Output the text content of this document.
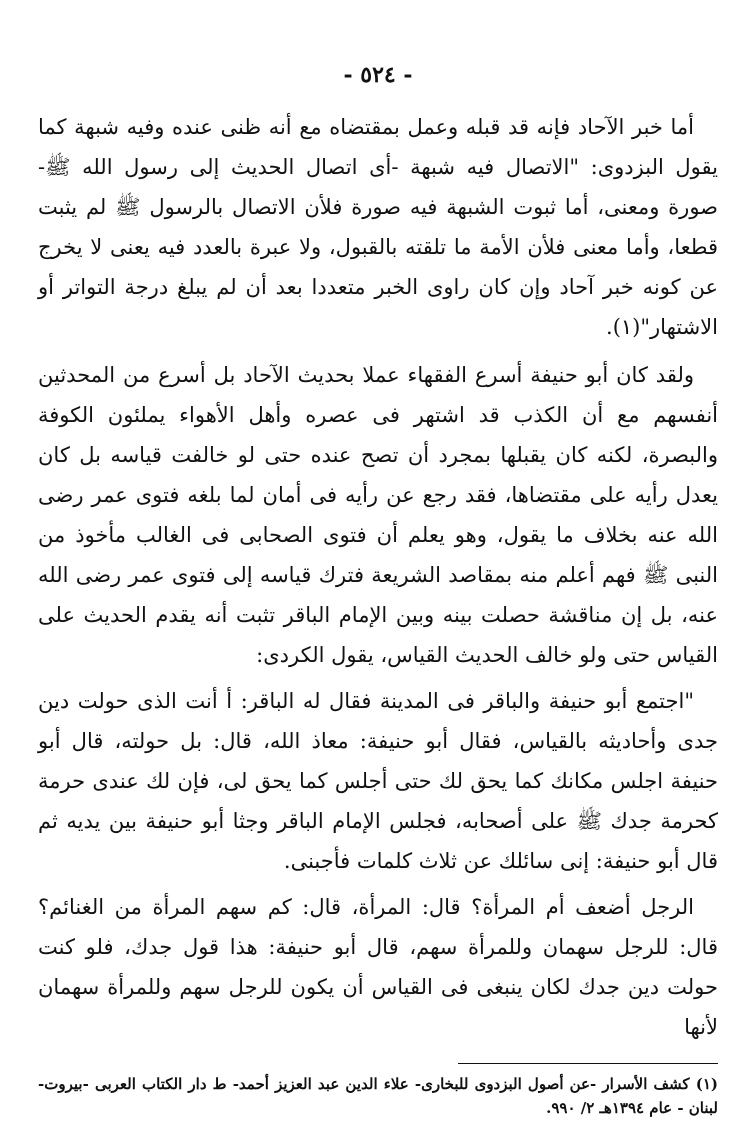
- ٥٢٤ -

أما خبر الآحاد فإنه قد قبله وعمل بمقتضاه مع أنه ظنى عنده وفيه شبهة كما يقول البزدوى: "الاتصال فيه شبهة -أى اتصال الحديث إلى رسول الله ﷺ- صورة ومعنى، أما ثبوت الشبهة فيه صورة فلأن الاتصال بالرسول ﷺ لم يثبت قطعا، وأما معنى فلأن الأمة ما تلقته بالقبول، ولا عبرة بالعدد فيه يعنى لا يخرج عن كونه خبر آحاد وإن كان راوى الخبر متعددا بعد أن لم يبلغ درجة التواتر أو الاشتهار"(١).

ولقد كان أبو حنيفة أسرع الفقهاء عملا بحديث الآحاد بل أسرع من المحدثين أنفسهم مع أن الكذب قد اشتهر فى عصره وأهل الأهواء يملئون الكوفة والبصرة، لكنه كان يقبلها بمجرد أن تصح عنده حتى لو خالفت قياسه بل كان يعدل رأيه على مقتضاها، فقد رجع عن رأيه فى أمان لما بلغه فتوى عمر رضى الله عنه بخلاف ما يقول، وهو يعلم أن فتوى الصحابى فى الغالب مأخوذ من النبى ﷺ فهم أعلم منه بمقاصد الشريعة فترك قياسه إلى فتوى عمر رضى الله عنه، بل إن مناقشة حصلت بينه وبين الإمام الباقر تثبت أنه يقدم الحديث على القياس حتى ولو خالف الحديث القياس، يقول الكردى:

"اجتمع أبو حنيفة والباقر فى المدينة فقال له الباقر: أ أنت الذى حولت دين جدى وأحاديثه بالقياس، فقال أبو حنيفة: معاذ الله، قال: بل حولته، قال أبو حنيفة اجلس مكانك كما يحق لك حتى أجلس كما يحق لى، فإن لك عندى حرمة كحرمة جدك ﷺ على أصحابه، فجلس الإمام الباقر وجثا أبو حنيفة بين يديه ثم قال أبو حنيفة: إنى سائلك عن ثلاث كلمات فأجبنى.

الرجل أضعف أم المرأة؟ قال: المرأة، قال: كم سهم المرأة من الغنائم؟ قال: للرجل سهمان وللمرأة سهم، قال أبو حنيفة: هذا قول جدك، فلو كنت حولت دين جدك لكان ينبغى فى القياس أن يكون للرجل سهم وللمرأة سهمان لأنها

(١) كشف الأسرار -عن أصول البزدوى للبخارى- علاء الدين عبد العزيز أحمد- ط دار الكتاب العربى -بيروت- لبنان - عام ١٣٩٤هـ ٢/ ٩٩٠.
